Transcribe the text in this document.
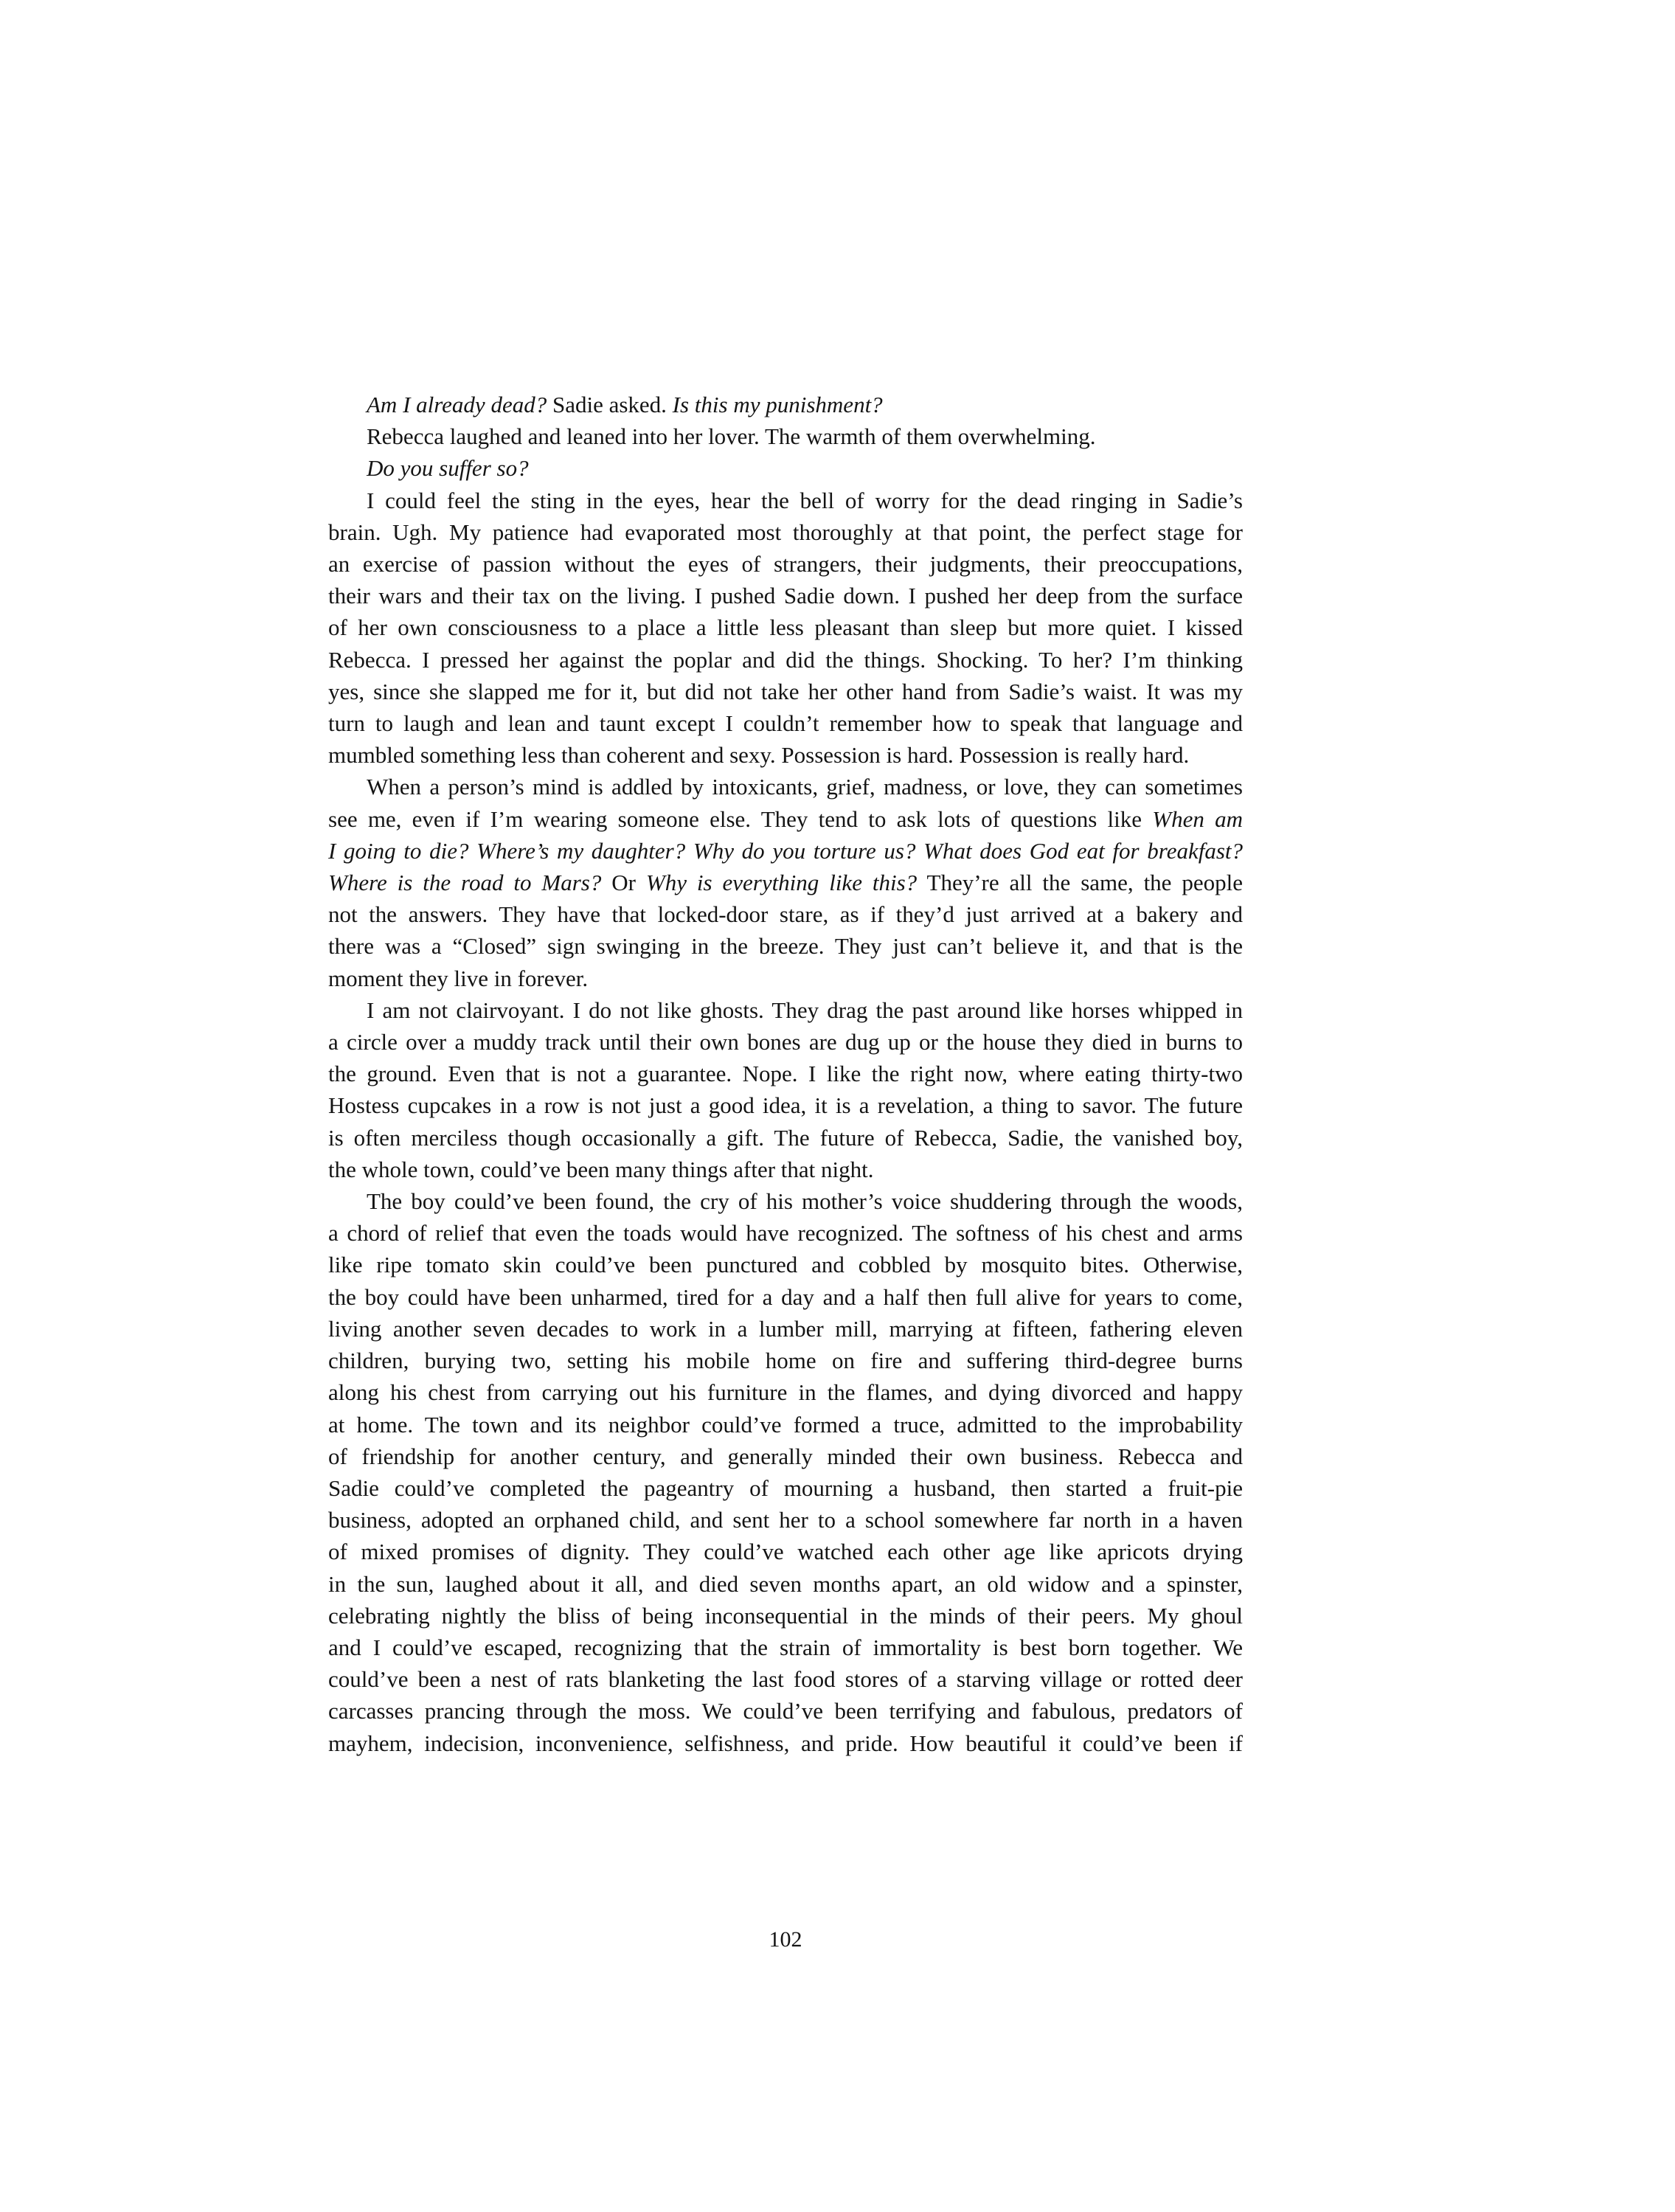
Am I already dead? Sadie asked. Is this my punishment?
Rebecca laughed and leaned into her lover. The warmth of them overwhelming.
Do you suffer so?
I could feel the sting in the eyes, hear the bell of worry for the dead ringing in Sadie’s
brain. Ugh. My patience had evaporated most thoroughly at that point, the perfect stage for
an exercise of passion without the eyes of strangers, their judgments, their preoccupations,
their wars and their tax on the living. I pushed Sadie down. I pushed her deep from the surface
of her own consciousness to a place a little less pleasant than sleep but more quiet. I kissed
Rebecca. I pressed her against the poplar and did the things. Shocking. To her? I’m thinking
yes, since she slapped me for it, but did not take her other hand from Sadie’s waist. It was my
turn to laugh and lean and taunt except I couldn’t remember how to speak that language and
mumbled something less than coherent and sexy. Possession is hard. Possession is really hard.
When a person’s mind is addled by intoxicants, grief, madness, or love, they can sometimes
see me, even if I’m wearing someone else. They tend to ask lots of questions like When am
I going to die? Where’s my daughter? Why do you torture us? What does God eat for breakfast?
Where is the road to Mars? Or Why is everything like this? They’re all the same, the people
not the answers. They have that locked-door stare, as if they’d just arrived at a bakery and
there was a “Closed” sign swinging in the breeze. They just can’t believe it, and that is the
moment they live in forever.
I am not clairvoyant. I do not like ghosts. They drag the past around like horses whipped in
a circle over a muddy track until their own bones are dug up or the house they died in burns to
the ground. Even that is not a guarantee. Nope. I like the right now, where eating thirty-two
Hostess cupcakes in a row is not just a good idea, it is a revelation, a thing to savor. The future
is often merciless though occasionally a gift. The future of Rebecca, Sadie, the vanished boy,
the whole town, could’ve been many things after that night.
The boy could’ve been found, the cry of his mother’s voice shuddering through the woods,
a chord of relief that even the toads would have recognized. The softness of his chest and arms
like ripe tomato skin could’ve been punctured and cobbled by mosquito bites. Otherwise,
the boy could have been unharmed, tired for a day and a half then full alive for years to come,
living another seven decades to work in a lumber mill, marrying at fifteen, fathering eleven
children, burying two, setting his mobile home on fire and suffering third-degree burns
along his chest from carrying out his furniture in the flames, and dying divorced and happy
at home. The town and its neighbor could’ve formed a truce, admitted to the improbability
of friendship for another century, and generally minded their own business. Rebecca and
Sadie could’ve completed the pageantry of mourning a husband, then started a fruit-pie
business, adopted an orphaned child, and sent her to a school somewhere far north in a haven
of mixed promises of dignity. They could’ve watched each other age like apricots drying
in the sun, laughed about it all, and died seven months apart, an old widow and a spinster,
celebrating nightly the bliss of being inconsequential in the minds of their peers. My ghoul
and I could’ve escaped, recognizing that the strain of immortality is best born together. We
could’ve been a nest of rats blanketing the last food stores of a starving village or rotted deer
carcasses prancing through the moss. We could’ve been terrifying and fabulous, predators of
mayhem, indecision, inconvenience, selfishness, and pride. How beautiful it could’ve been if
102
